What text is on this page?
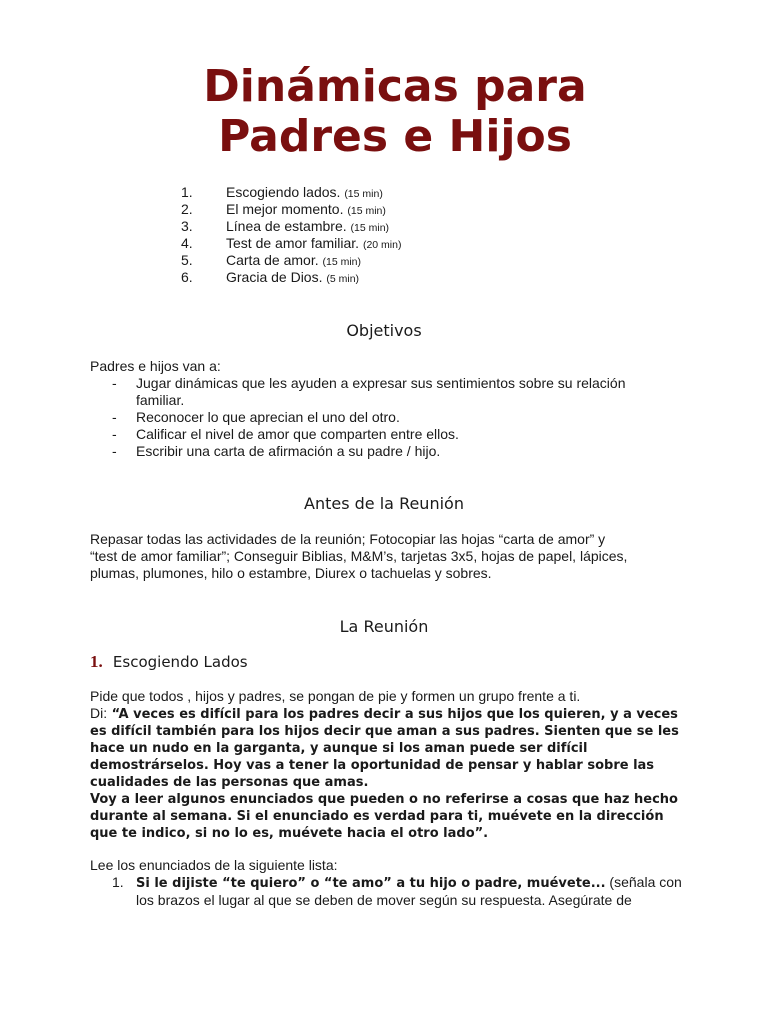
Dinámicas para
Padres e Hijos
1. Escogiendo lados. (15 min)
2. El mejor momento. (15 min)
3. Línea de estambre. (15 min)
4. Test de amor familiar. (20 min)
5. Carta de amor. (15 min)
6. Gracia de Dios. (5 min)
Objetivos
Padres e hijos van a:
- Jugar dinámicas que les ayuden a expresar sus sentimientos sobre su relación
familiar.
- Reconocer lo que aprecian el uno del otro.
- Calificar el nivel de amor que comparten entre ellos.
- Escribir una carta de afirmación a su padre / hijo.
Antes de la Reunión
Repasar todas las actividades de la reunión; Fotocopiar las hojas “carta de amor” y
“test de amor familiar”; Conseguir Biblias, M&M’s, tarjetas 3x5, hojas de papel, lápices,
plumas, plumones, hilo o estambre, Diurex o tachuelas y sobres.
La Reunión
1. Escogiendo Lados
Pide que todos , hijos y padres, se pongan de pie y formen un grupo frente a ti.
Di: “A veces es difícil para los padres decir a sus hijos que los quieren, y a veces
es difícil también para los hijos decir que aman a sus padres. Sienten que se les
hace un nudo en la garganta, y aunque si los aman puede ser difícil
demostrárselos. Hoy vas a tener la oportunidad de pensar y hablar sobre las
cualidades de las personas que amas.
Voy a leer algunos enunciados que pueden o no referirse a cosas que haz hecho
durante al semana. Si el enunciado es verdad para ti, muévete en la dirección
que te indico, si no lo es, muévete hacia el otro lado”.
Lee los enunciados de la siguiente lista:
1. Si le dijiste “te quiero” o “te amo” a tu hijo o padre, muévete... (señala con
los brazos el lugar al que se deben de mover según su respuesta. Asegúrate de
